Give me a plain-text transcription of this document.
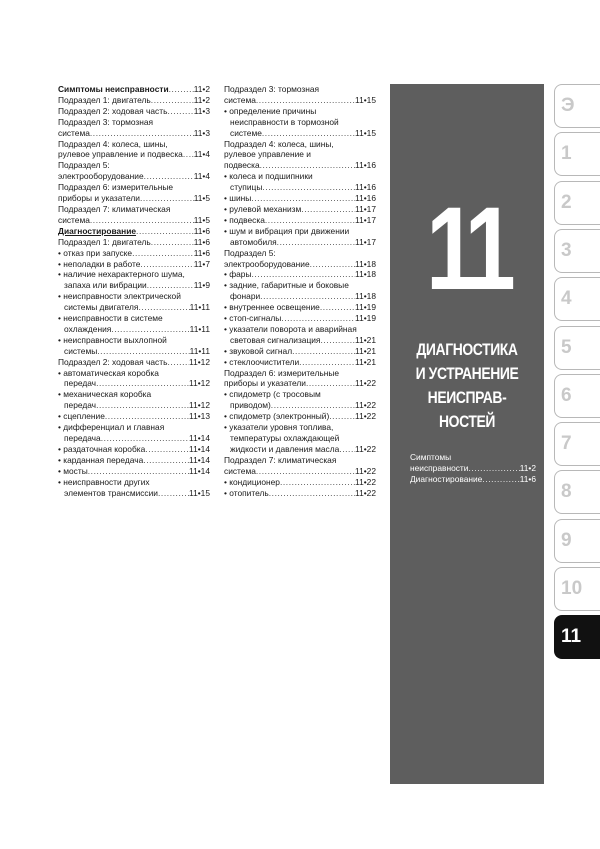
Симптомы неисправности .....	11•2
Подраздел 1: двигатель .....	11•2
Подраздел 2: ходовая часть .....	11•3
Подраздел 3: тормозная
система .....	11•3
Подраздел 4: колеса, шины,
рулевое управление и подвеска ..... 11•4
Подраздел 5:
электрооборудование .....	11•4
Подраздел 6: измерительные
приборы и указатели .....	11•5
Подраздел 7: климатическая
система .....	11•5
Диагностирование .....	11•6
Подраздел 1: двигатель .....	11•6
• отказ при запуске .....	11•6
• неполадки в работе .....	11•7
• наличие нехарактерного шума,
запаха или вибрации .....	11•9
• неисправности электрической
системы двигателя .....	11•11
• неисправности в системе
охлаждения .....	11•11
• неисправности выхлопной
системы .....	11•11
Подраздел 2: ходовая часть .....	11•12
• автоматическая коробка
передач .....	11•12
• механическая коробка
передач .....	11•12
• сцепление .....	11•13
• дифференциал и главная
передача .....	11•14
• раздаточная коробка .....	11•14
• карданная передача .....	11•14
• мосты .....	11•14
• неисправности других
элементов трансмиссии .....	11•15
Подраздел 3: тормозная
система .....	11•15
• определение причины
неисправности в тормозной
системе .....	11•15
Подраздел 4: колеса, шины,
рулевое управление и
подвеска .....	11•16
• колеса и подшипники
ступицы .....	11•16
• шины .....	11•16
• рулевой механизм .....	11•17
• подвеска .....	11•17
• шум и вибрация при движении
автомобиля .....	11•17
Подраздел 5:
электрооборудование .....	11•18
• фары .....	11•18
• задние, габаритные и боковые
фонари .....	11•18
• внутреннее освещение .....	11•19
• стоп-сигналы .....	11•19
• указатели поворота и аварийная
световая сигнализация .....	11•21
• звуковой сигнал .....	11•21
• стеклоочистители .....	11•21
Подраздел 6: измерительные
приборы и указатели .....	11•22
• спидометр (с тросовым
приводом) .....	11•22
• спидометр (электронный) .....	11•22
• указатели уровня топлива,
температуры охлаждающей
жидкости и давления масла ..... 11•22
Подраздел 7: климатическая
система .....	11•22
• кондиционер .....	11•22
• отопитель .....	11•22
11
ДИАГНОСТИКА
И УСТРАНЕНИЕ
НЕИСПРАВ-
НОСТЕЙ
Симптомы
неисправности .....	11•2
Диагностирование .....	11•6
Э
1
2
3
4
5
6
7
8
9
10
11
